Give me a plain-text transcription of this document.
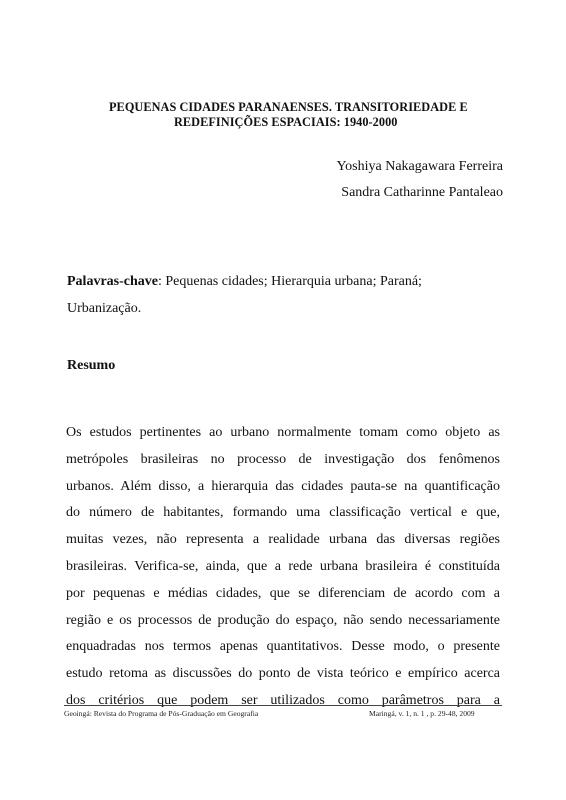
PEQUENAS CIDADES PARANAENSES. TRANSITORIEDADE E
REDEFINIÇÕES ESPACIAIS: 1940-2000
Yoshiya Nakagawara Ferreira
Sandra Catharinne Pantaleao
Palavras-chave: Pequenas cidades; Hierarquia urbana; Paraná;
Urbanização.
Resumo
Os estudos pertinentes ao urbano normalmente tomam como objeto as
metrópoles brasileiras no processo de investigação dos fenômenos
urbanos. Além disso, a hierarquia das cidades pauta-se na quantificação
do número de habitantes, formando uma classificação vertical e que,
muitas vezes, não representa a realidade urbana das diversas regiões
brasileiras. Verifica-se, ainda, que a rede urbana brasileira é constituída
por pequenas e médias cidades, que se diferenciam de acordo com a
região e os processos de produção do espaço, não sendo necessariamente
enquadradas nos termos apenas quantitativos. Desse modo, o presente
estudo retoma as discussões do ponto de vista teórico e empírico acerca
dos critérios que podem ser utilizados como parâmetros para a
Geoingá: Revista do Programa de Pós-Graduação em Geografia	Maringá, v. 1, n. 1 , p. 29-48, 2009
